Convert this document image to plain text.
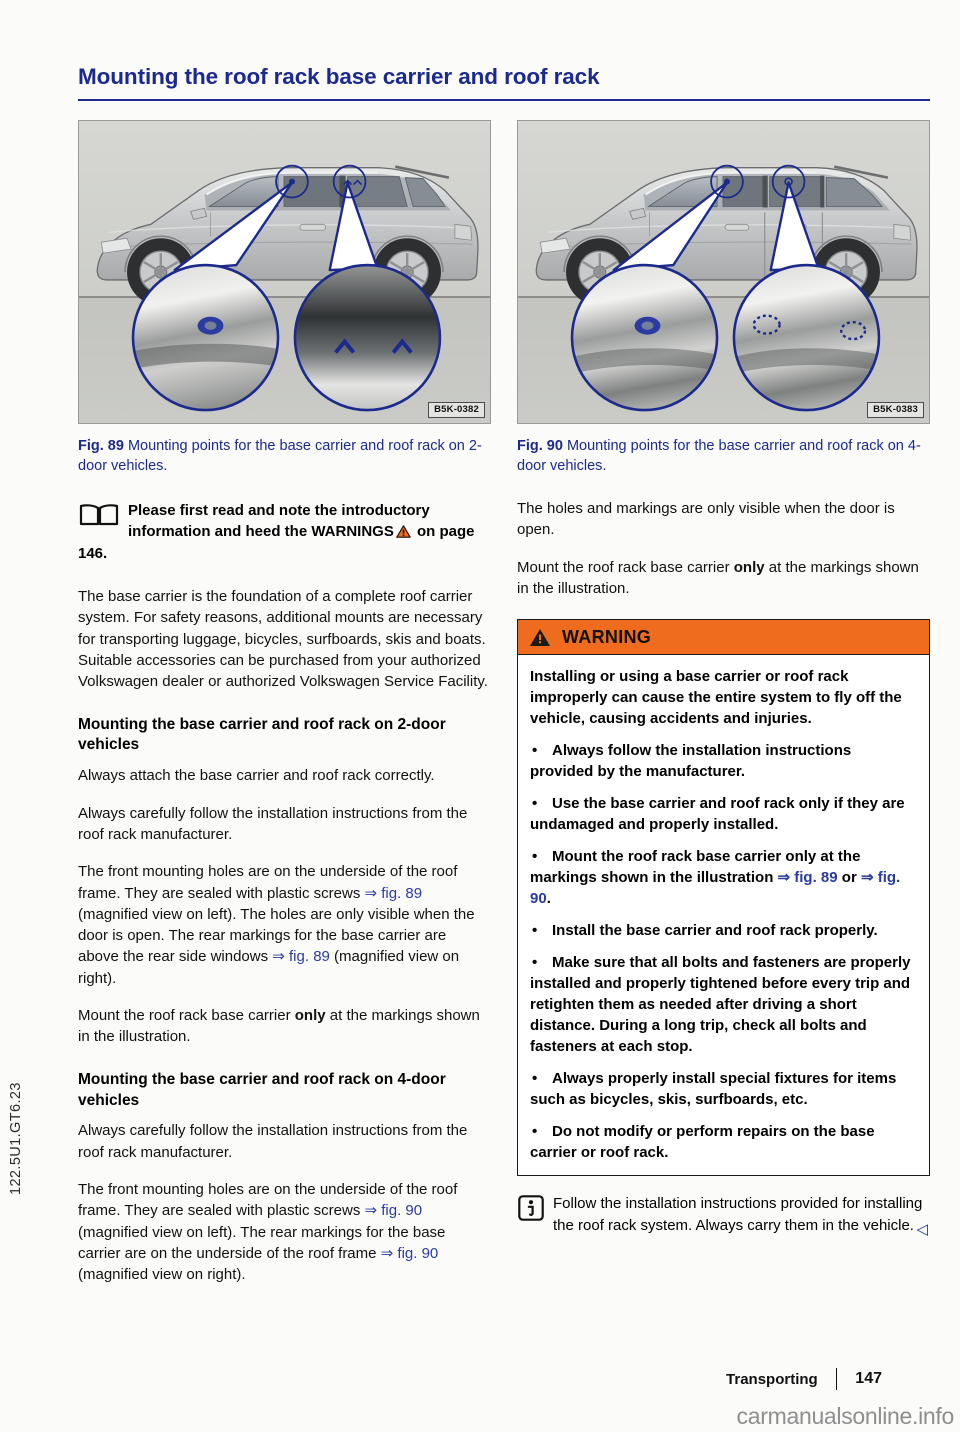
122.5U1.GT6.23
Mounting the roof rack base carrier and roof rack
B5K-0382
Fig. 89 Mounting points for the base carrier and roof rack on 2-door vehicles.
Please first read and note the introductory information and heed the WARNINGS on page 146.

The base carrier is the foundation of a complete roof carrier system. For safety reasons, additional mounts are necessary for transporting luggage, bicycles, surfboards, skis and boats. Suitable accessories can be purchased from your authorized Volkswagen dealer or authorized Volkswagen Service Facility.

Mounting the base carrier and roof rack on 2-door vehicles

Always attach the base carrier and roof rack correctly.

Always carefully follow the installation instructions from the roof rack manufacturer.

The front mounting holes are on the underside of the roof frame. They are sealed with plastic screws ⇒ fig. 89 (magnified view on left). The holes are only visible when the door is open. The rear markings for the base carrier are above the rear side windows ⇒ fig. 89 (magnified view on right).

Mount the roof rack base carrier only at the markings shown in the illustration.

Mounting the base carrier and roof rack on 4-door vehicles

Always carefully follow the installation instructions from the roof rack manufacturer.

The front mounting holes are on the underside of the roof frame. They are sealed with plastic screws ⇒ fig. 90 (magnified view on left). The rear markings for the base carrier are on the underside of the roof frame ⇒ fig. 90 (magnified view on right).

B5K-0383
Fig. 90 Mounting points for the base carrier and roof rack on 4-door vehicles.

The holes and markings are only visible when the door is open.

Mount the roof rack base carrier only at the markings shown in the illustration.

WARNING

Installing or using a base carrier or roof rack improperly can cause the entire system to fly off the vehicle, causing accidents and injuries.

• Always follow the installation instructions provided by the manufacturer.

• Use the base carrier and roof rack only if they are undamaged and properly installed.

• Mount the roof rack base carrier only at the markings shown in the illustration ⇒ fig. 89 or ⇒ fig. 90.

• Install the base carrier and roof rack properly.

• Make sure that all bolts and fasteners are properly installed and properly tightened before every trip and retighten them as needed after driving a short distance. During a long trip, check all bolts and fasteners at each stop.

• Always properly install special fixtures for items such as bicycles, skis, surfboards, etc.

• Do not modify or perform repairs on the base carrier or roof rack.

Follow the installation instructions provided for installing the roof rack system. Always carry them in the vehicle. ◁
Transporting 147
carmanualsonline.info
